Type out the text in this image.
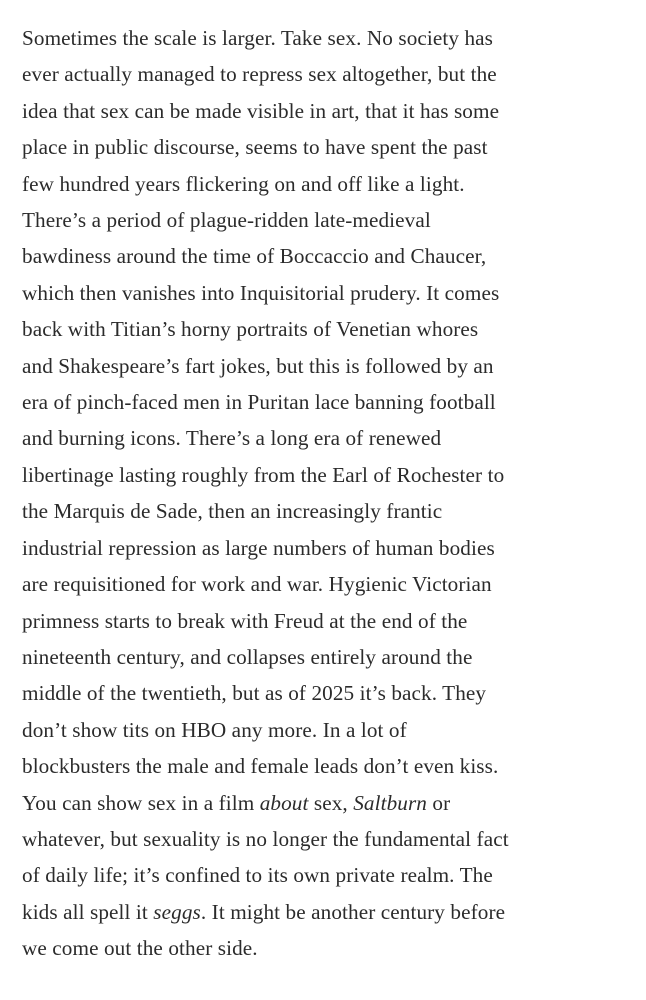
Sometimes the scale is larger. Take sex. No society has
ever actually managed to repress sex altogether, but the
idea that sex can be made visible in art, that it has some
place in public discourse, seems to have spent the past
few hundred years flickering on and off like a light.
There’s a period of plague-ridden late-medieval
bawdiness around the time of Boccaccio and Chaucer,
which then vanishes into Inquisitorial prudery. It comes
back with Titian’s horny portraits of Venetian whores
and Shakespeare’s fart jokes, but this is followed by an
era of pinch-faced men in Puritan lace banning football
and burning icons. There’s a long era of renewed
libertinage lasting roughly from the Earl of Rochester to
the Marquis de Sade, then an increasingly frantic
industrial repression as large numbers of human bodies
are requisitioned for work and war. Hygienic Victorian
primness starts to break with Freud at the end of the
nineteenth century, and collapses entirely around the
middle of the twentieth, but as of 2025 it’s back. They
don’t show tits on HBO any more. In a lot of
blockbusters the male and female leads don’t even kiss.
You can show sex in a film about sex, Saltburn or
whatever, but sexuality is no longer the fundamental fact
of daily life; it’s confined to its own private realm. The
kids all spell it seggs. It might be another century before
we come out the other side.
